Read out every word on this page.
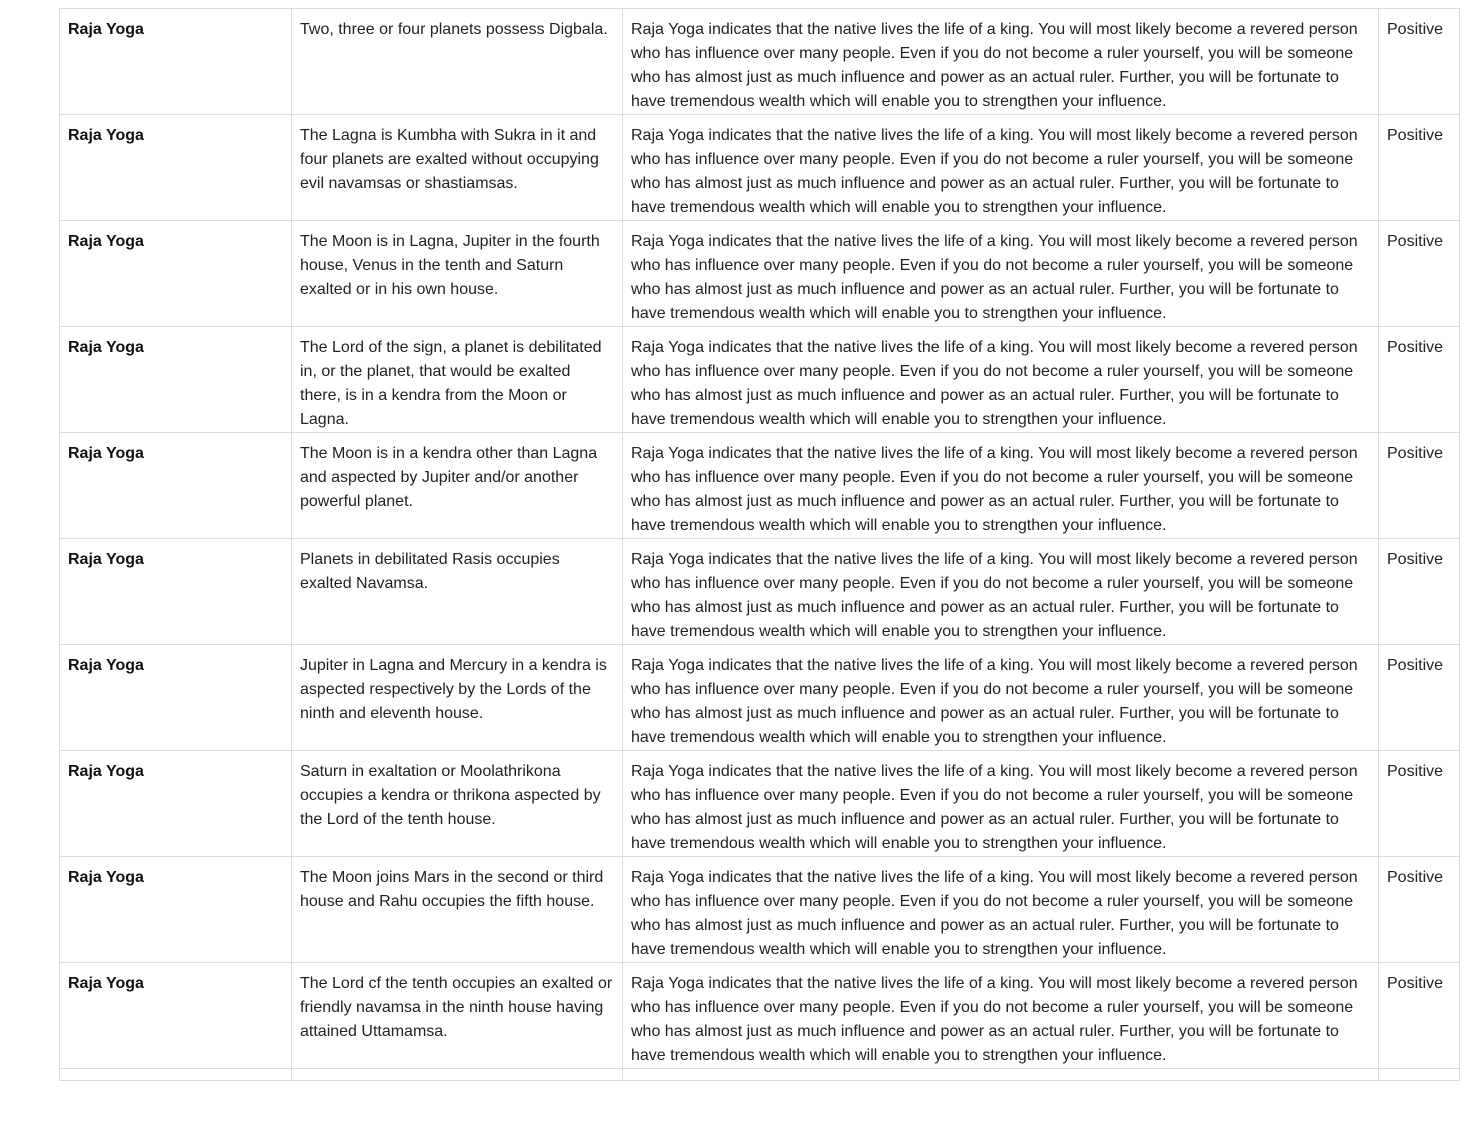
Raja Yoga	Two, three or four planets possess Digbala.	Raja Yoga indicates that the native lives the life of a king. You will most likely become a revered person who has influence over many people. Even if you do not become a ruler yourself, you will be someone who has almost just as much influence and power as an actual ruler. Further, you will be fortunate to have tremendous wealth which will enable you to strengthen your influence.	Positive
Raja Yoga	The Lagna is Kumbha with Sukra in it and four planets are exalted without occupying evil navamsas or shastiamsas.	Raja Yoga indicates that the native lives the life of a king. You will most likely become a revered person who has influence over many people. Even if you do not become a ruler yourself, you will be someone who has almost just as much influence and power as an actual ruler. Further, you will be fortunate to have tremendous wealth which will enable you to strengthen your influence.	Positive
Raja Yoga	The Moon is in Lagna, Jupiter in the fourth house, Venus in the tenth and Saturn exalted or in his own house.	Raja Yoga indicates that the native lives the life of a king. You will most likely become a revered person who has influence over many people. Even if you do not become a ruler yourself, you will be someone who has almost just as much influence and power as an actual ruler. Further, you will be fortunate to have tremendous wealth which will enable you to strengthen your influence.	Positive
Raja Yoga	The Lord of the sign, a planet is debilitated in, or the planet, that would be exalted there, is in a kendra from the Moon or Lagna.	Raja Yoga indicates that the native lives the life of a king. You will most likely become a revered person who has influence over many people. Even if you do not become a ruler yourself, you will be someone who has almost just as much influence and power as an actual ruler. Further, you will be fortunate to have tremendous wealth which will enable you to strengthen your influence.	Positive
Raja Yoga	The Moon is in a kendra other than Lagna and aspected by Jupiter and/or another powerful planet.	Raja Yoga indicates that the native lives the life of a king. You will most likely become a revered person who has influence over many people. Even if you do not become a ruler yourself, you will be someone who has almost just as much influence and power as an actual ruler. Further, you will be fortunate to have tremendous wealth which will enable you to strengthen your influence.	Positive
Raja Yoga	Planets in debilitated Rasis occupies exalted Navamsa.	Raja Yoga indicates that the native lives the life of a king. You will most likely become a revered person who has influence over many people. Even if you do not become a ruler yourself, you will be someone who has almost just as much influence and power as an actual ruler. Further, you will be fortunate to have tremendous wealth which will enable you to strengthen your influence.	Positive
Raja Yoga	Jupiter in Lagna and Mercury in a kendra is aspected respectively by the Lords of the ninth and eleventh house.	Raja Yoga indicates that the native lives the life of a king. You will most likely become a revered person who has influence over many people. Even if you do not become a ruler yourself, you will be someone who has almost just as much influence and power as an actual ruler. Further, you will be fortunate to have tremendous wealth which will enable you to strengthen your influence.	Positive
Raja Yoga	Saturn in exaltation or Moolathrikona occupies a kendra or thrikona aspected by the Lord of the tenth house.	Raja Yoga indicates that the native lives the life of a king. You will most likely become a revered person who has influence over many people. Even if you do not become a ruler yourself, you will be someone who has almost just as much influence and power as an actual ruler. Further, you will be fortunate to have tremendous wealth which will enable you to strengthen your influence.	Positive
Raja Yoga	The Moon joins Mars in the second or third house and Rahu occupies the fifth house.	Raja Yoga indicates that the native lives the life of a king. You will most likely become a revered person who has influence over many people. Even if you do not become a ruler yourself, you will be someone who has almost just as much influence and power as an actual ruler. Further, you will be fortunate to have tremendous wealth which will enable you to strengthen your influence.	Positive
Raja Yoga	The Lord cf the tenth occupies an exalted or friendly navamsa in the ninth house having attained Uttamamsa.	Raja Yoga indicates that the native lives the life of a king. You will most likely become a revered person who has influence over many people. Even if you do not become a ruler yourself, you will be someone who has almost just as much influence and power as an actual ruler. Further, you will be fortunate to have tremendous wealth which will enable you to strengthen your influence.	Positive
